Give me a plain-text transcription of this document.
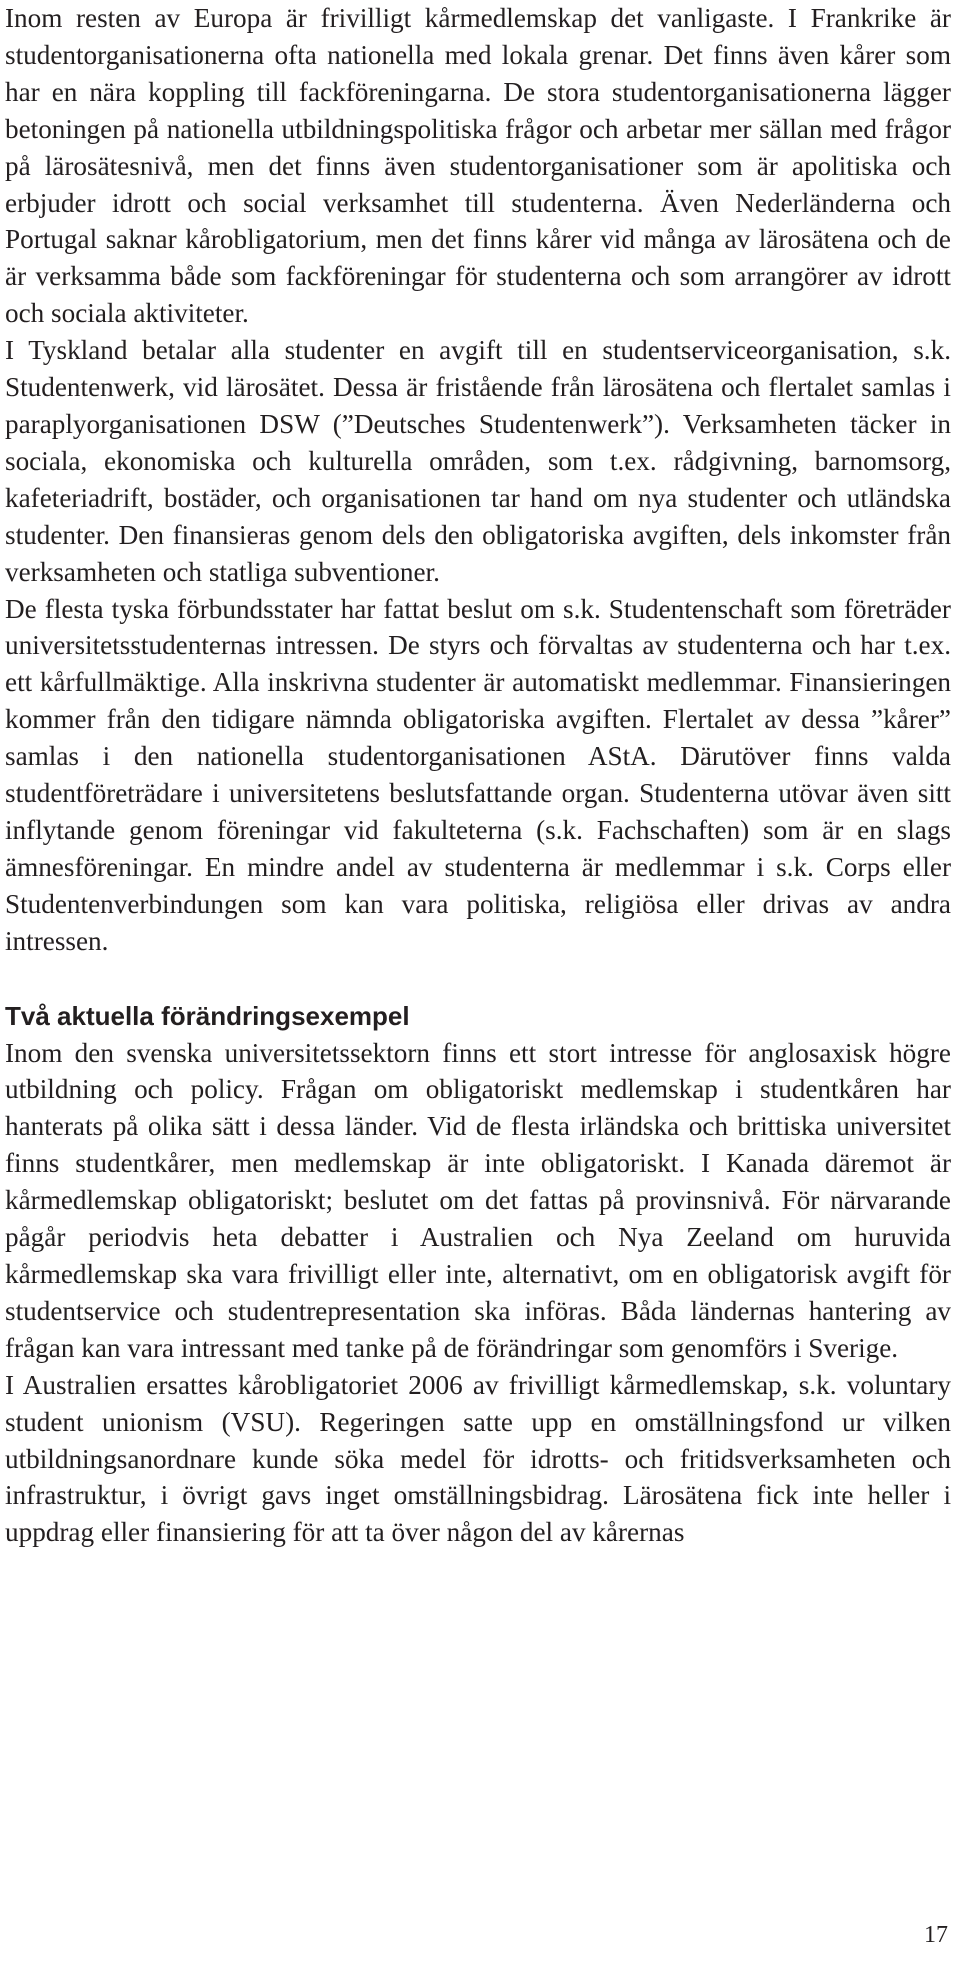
Inom resten av Europa är frivilligt kårmedlemskap det vanligaste. I Frankrike är studentorganisationerna ofta nationella med lokala grenar. Det finns även kårer som har en nära koppling till fackföreningarna. De stora studentorganisationerna lägger betoningen på nationella utbildningspolitiska frågor och arbetar mer sällan med frågor på lärosätesnivå, men det finns även studentorganisationer som är apolitiska och erbjuder idrott och social verksamhet till studenterna. Även Nederländerna och Portugal saknar kårobligatorium, men det finns kårer vid många av lärosätena och de är verksamma både som fackföreningar för studenterna och som arrangörer av idrott och sociala aktiviteter.

I Tyskland betalar alla studenter en avgift till en studentserviceorganisation, s.k. Studentenwerk, vid lärosätet. Dessa är fristående från lärosätena och flertalet samlas i paraplyorganisationen DSW (”Deutsches Studentenwerk”). Verksamheten täcker in sociala, ekonomiska och kulturella områden, som t.ex. rådgivning, barnomsorg, kafeteriadrift, bostäder, och organisationen tar hand om nya studenter och utländska studenter. Den finansieras genom dels den obligatoriska avgiften, dels inkomster från verksamheten och statliga subventioner.

De flesta tyska förbundsstater har fattat beslut om s.k. Studentenschaft som företräder universitetsstudenternas intressen. De styrs och förvaltas av studenterna och har t.ex. ett kårfullmäktige. Alla inskrivna studenter är automatiskt medlemmar. Finansieringen kommer från den tidigare nämnda obligatoriska avgiften. Flertalet av dessa ”kårer” samlas i den nationella studentorganisationen AStA. Därutöver finns valda studentföreträdare i universitetens beslutsfattande organ. Studenterna utövar även sitt inflytande genom föreningar vid fakulteterna (s.k. Fachschaften) som är en slags ämnesföreningar. En mindre andel av studenterna är medlemmar i s.k. Corps eller Studentenverbindungen som kan vara politiska, religiösa eller drivas av andra intressen.

Två aktuella förändringsexempel

Inom den svenska universitetssektorn finns ett stort intresse för anglosaxisk högre utbildning och policy. Frågan om obligatoriskt medlemskap i studentkåren har hanterats på olika sätt i dessa länder. Vid de flesta irländska och brittiska universitet finns studentkårer, men medlemskap är inte obligatoriskt. I Kanada däremot är kårmedlemskap obligatoriskt; beslutet om det fattas på provinsnivå. För närvarande pågår periodvis heta debatter i Australien och Nya Zeeland om huruvida kårmedlemskap ska vara frivilligt eller inte, alternativt, om en obligatorisk avgift för studentservice och studentrepresentation ska införas. Båda ländernas hantering av frågan kan vara intressant med tanke på de förändringar som genomförs i Sverige.

I Australien ersattes kårobligatoriet 2006 av frivilligt kårmedlemskap, s.k. voluntary student unionism (VSU). Regeringen satte upp en omställningsfond ur vilken utbildningsanordnare kunde söka medel för idrotts- och fritidsverksamheten och infrastruktur, i övrigt gavs inget omställningsbidrag. Lärosätena fick inte heller i uppdrag eller finansiering för att ta över någon del av kårernas

17
